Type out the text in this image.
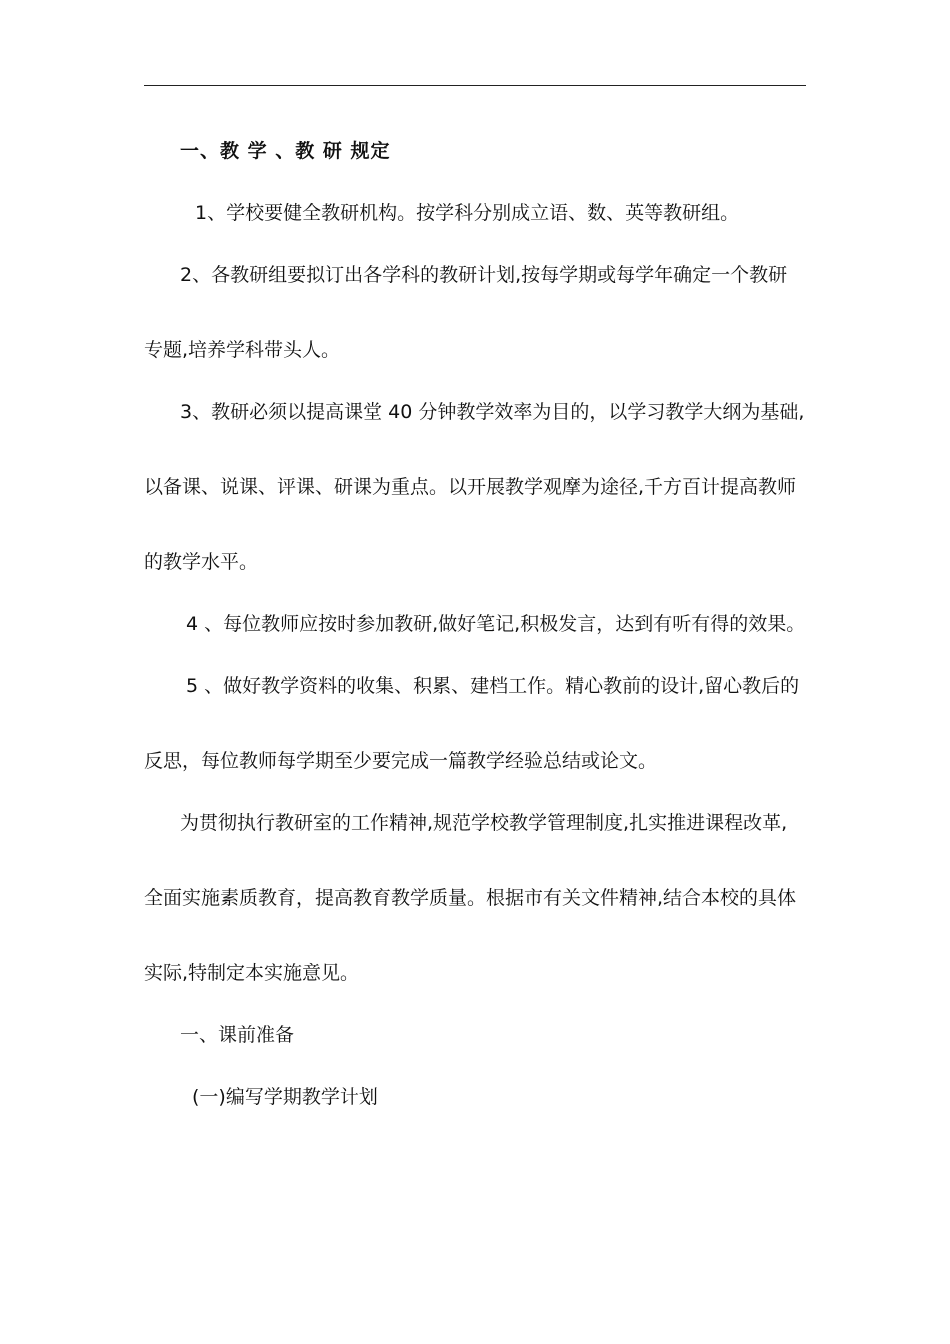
一、教 学 、教 研 规定
1、学校要健全教研机构。按学科分别成立语、数、英等教研组。
2、各教研组要拟订出各学科的教研计划,按每学期或每学年确定一个教研
专题,培养学科带头人。
3、教研必须以提高课堂 40 分钟教学效率为目的，以学习教学大纲为基础,
以备课、说课、评课、研课为重点。以开展教学观摩为途径,千方百计提高教师
的教学水平。
4 、每位教师应按时参加教研,做好笔记,积极发言，达到有听有得的效果。
5 、做好教学资料的收集、积累、建档工作。精心教前的设计,留心教后的
反思，每位教师每学期至少要完成一篇教学经验总结或论文。
为贯彻执行教研室的工作精神,规范学校教学管理制度,扎实推进课程改革,
全面实施素质教育，提高教育教学质量。根据市有关文件精神,结合本校的具体
实际,特制定本实施意见。
一、课前准备
(一)编写学期教学计划
